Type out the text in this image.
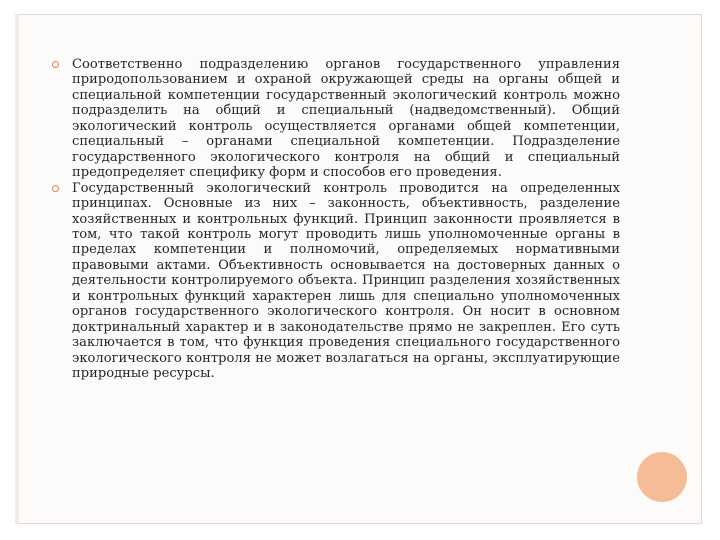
Соответственно подразделению органов государственного управления природопользованием и охраной окружающей среды на органы общей и специальной компетенции государственный экологический контроль можно подразделить на общий и специальный (надведомственный). Общий экологический контроль осуществляется органами общей компетенции, специальный – органами специальной компетенции. Подразделение государственного экологического контроля на общий и специальный предопределяет специфику форм и способов его проведения.
Государственный экологический контроль проводится на определенных принципах. Основные из них – законность, объективность, разделение хозяйственных и контрольных функций. Принцип законности проявляется в том, что такой контроль могут проводить лишь уполномоченные органы в пределах компетенции и полномочий, определяемых нормативными правовыми актами. Объективность основывается на достоверных данных о деятельности контролируемого объекта. Принцип разделения хозяйственных и контрольных функций характерен лишь для специально уполномоченных органов государственного экологического контроля. Он носит в основном доктринальный характер и в законодательстве прямо не закреплен. Его суть заключается в том, что функция проведения специального государственного экологического контроля не может возлагаться на органы, эксплуатирующие природные ресурсы.
